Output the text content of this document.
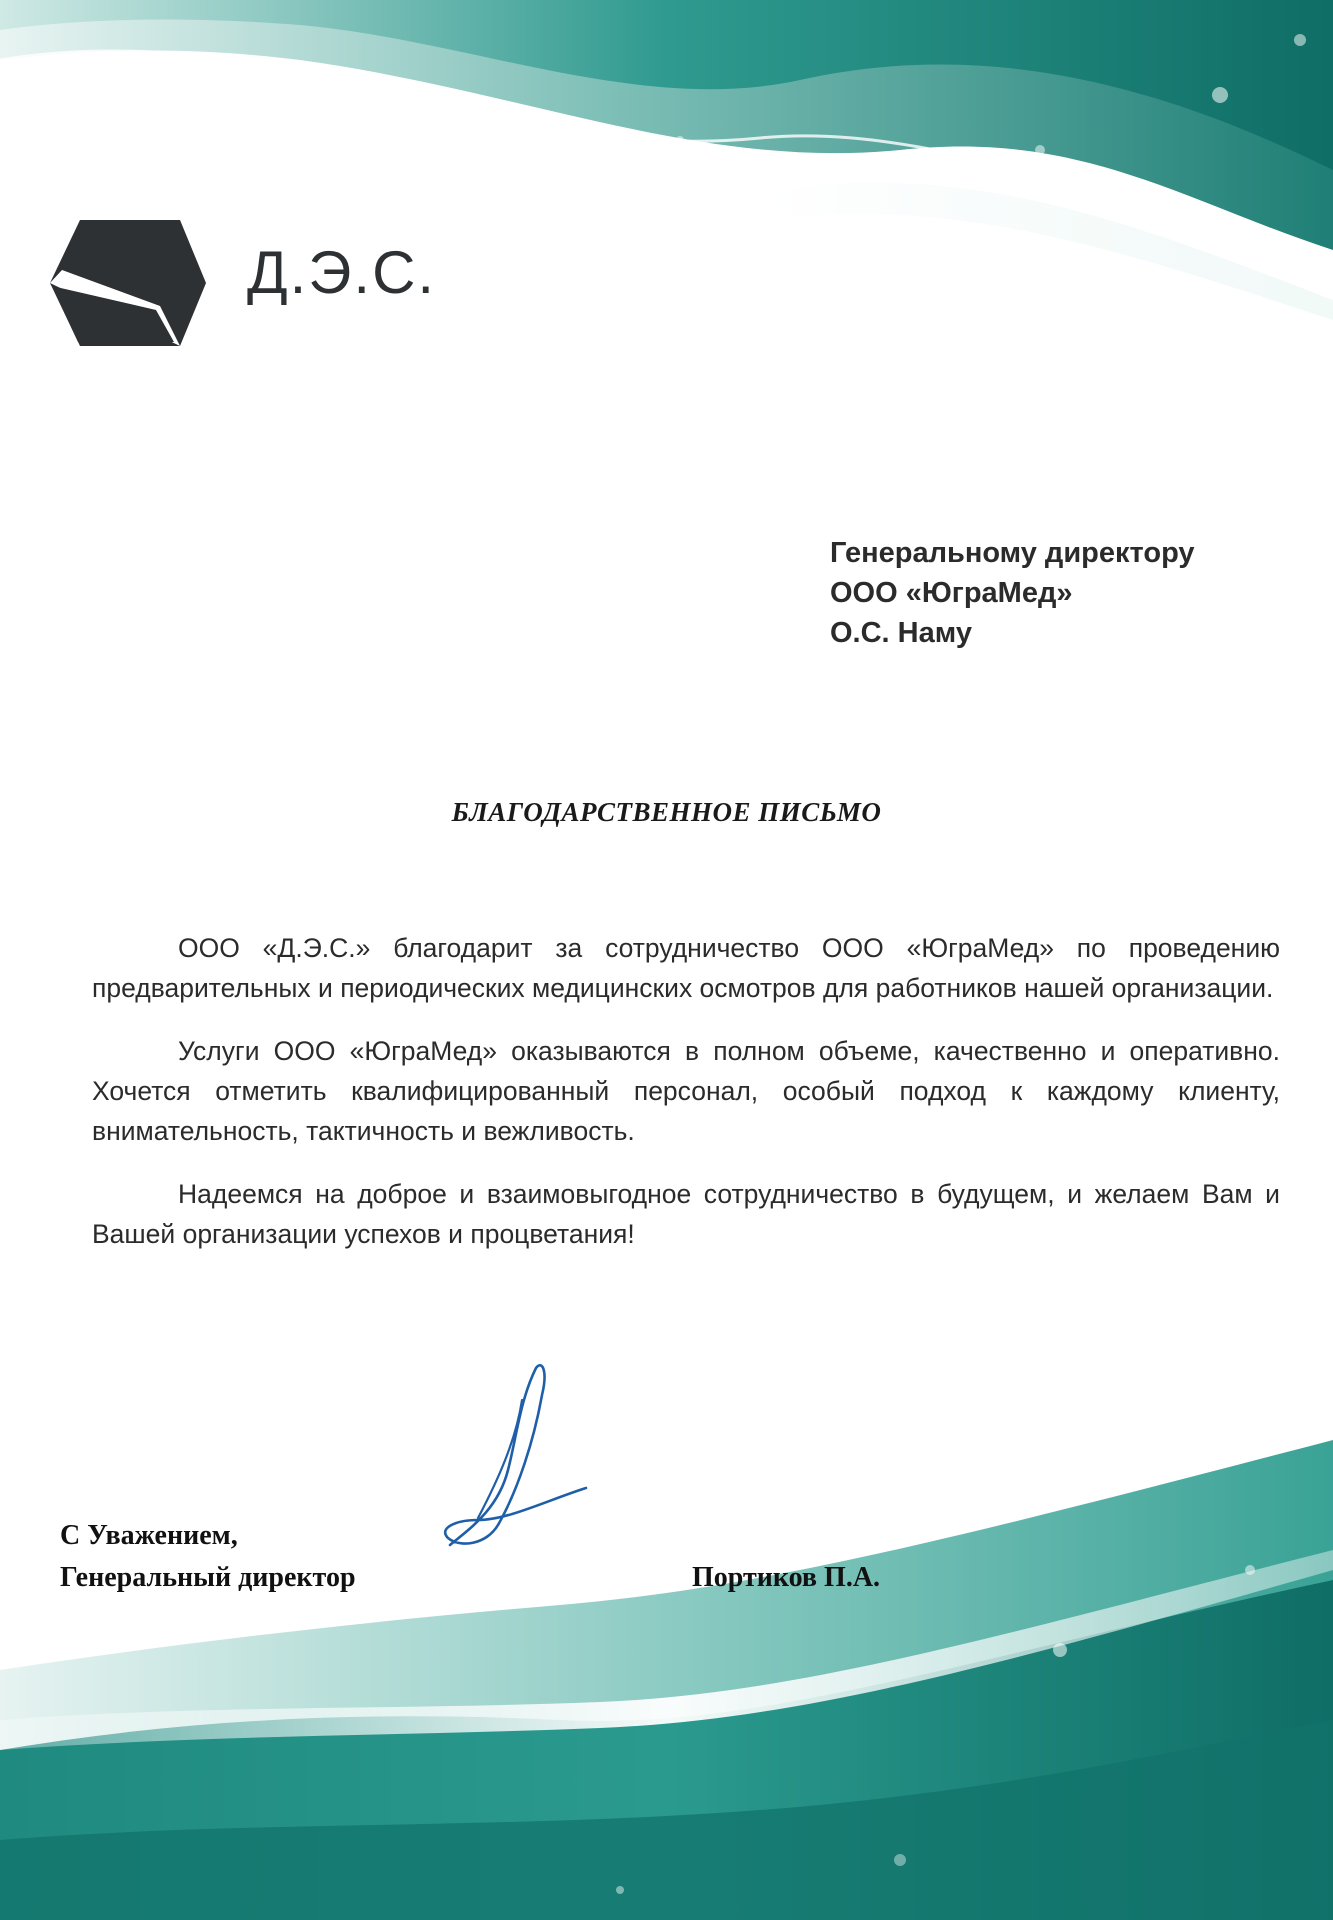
Д.Э.С.
Генеральному директору
ООО «ЮграМед»
О.С. Наму
БЛАГОДАРСТВЕННОЕ ПИСЬМО

ООО «Д.Э.С.» благодарит за сотрудничество ООО «ЮграМед» по проведению предварительных и периодических медицинских осмотров для работников нашей организации.

Услуги ООО «ЮграМед» оказываются в полном объеме, качественно и оперативно. Хочется отметить квалифицированный персонал, особый подход к каждому клиенту, внимательность, тактичность и вежливость.

Надеемся на доброе и взаимовыгодное сотрудничество в будущем, и желаем Вам и Вашей организации успехов и процветания!

С Уважением,
Генеральный директор	Портиков П.А.
